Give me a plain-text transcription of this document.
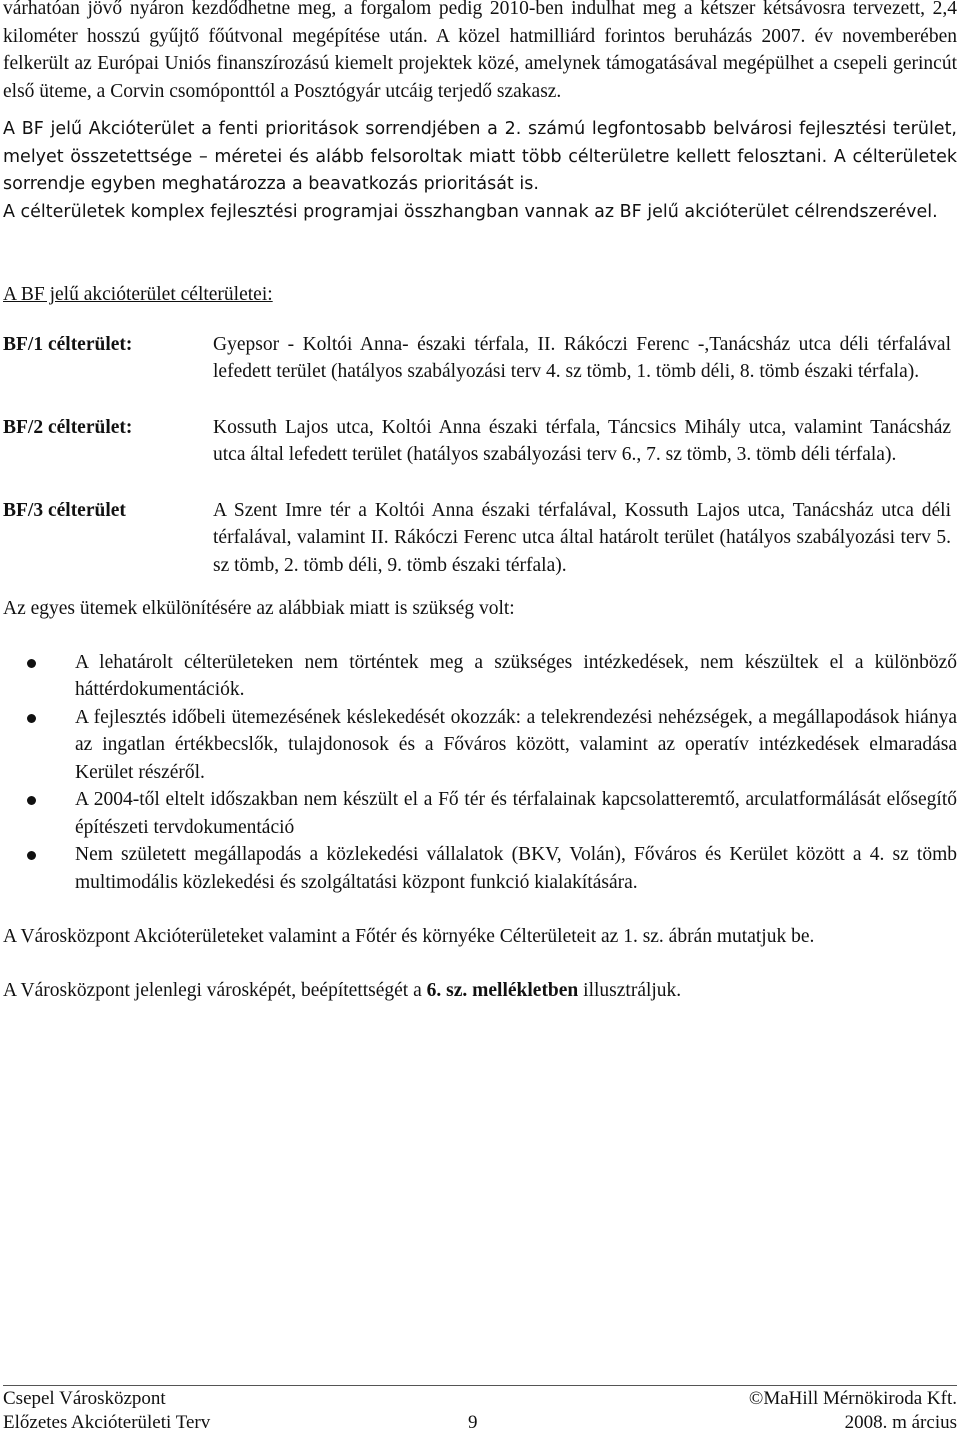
várhatóan jövő nyáron kezdődhetne meg, a forgalom pedig 2010-ben indulhat meg a kétszer kétsávosra tervezett, 2,4 kilométer hosszú gyűjtő főútvonal megépítése után. A közel hatmilliárd forintos beruházás 2007. év novemberében felkerült az Európai Uniós finanszírozású kiemelt projektek közé, amelynek támogatásával megépülhet a csepeli gerincút első üteme, a Corvin csomóponttól a Posztógyár utcáig terjedő szakasz.

A BF jelű Akcióterület a fenti prioritások sorrendjében a 2. számú legfontosabb belvárosi fejlesztési terület, melyet összetettsége – méretei és alább felsoroltak miatt több célterületre kellett felosztani. A célterületek sorrendje egyben meghatározza a beavatkozás prioritását is.

A célterületek komplex fejlesztési programjai összhangban vannak az BF jelű akcióterület célrendszerével.

A BF jelű akcióterület célterületei:

BF/1 célterület:	Gyepsor - Koltói Anna- északi térfala, II. Rákóczi Ferenc -,Tanácsház utca déli térfalával lefedett terület (hatályos szabályozási terv 4. sz tömb, 1. tömb déli, 8. tömb északi térfala).
BF/2 célterület:	Kossuth Lajos utca, Koltói Anna északi térfala, Táncsics Mihály utca, valamint Tanácsház utca által lefedett terület (hatályos szabályozási terv 6., 7. sz tömb, 3. tömb déli térfala).
BF/3 célterület	A Szent Imre tér a Koltói Anna északi térfalával, Kossuth Lajos utca, Tanácsház utca déli térfalával, valamint II. Rákóczi Ferenc utca által határolt terület (hatályos szabályozási terv 5. sz tömb, 2. tömb déli, 9. tömb északi térfala).

Az egyes ütemek elkülönítésére az alábbiak miatt is szükség volt:

A lehatárolt célterületeken nem történtek meg a szükséges intézkedések, nem készültek el a különböző háttérdokumentációk.
A fejlesztés időbeli ütemezésének késlekedését okozzák: a telekrendezési nehézségek, a megállapodások hiánya az ingatlan értékbecslők, tulajdonosok és a Főváros között, valamint az operatív intézkedések elmaradása Kerület részéről.
A 2004-től eltelt időszakban nem készült el a Fő tér és térfalainak kapcsolatteremtő, arculatformálását elősegítő építészeti tervdokumentáció
Nem született megállapodás a közlekedési vállalatok (BKV, Volán), Főváros és Kerület között a 4. sz tömb multimodális közlekedési és szolgáltatási központ funkció kialakítására.

A Városközpont Akcióterületeket valamint a Főtér és környéke Célterületeit az 1. sz. ábrán mutatjuk be.

A Városközpont jelenlegi városképét, beépítettségét a 6. sz. mellékletben illusztráljuk.

Csepel Városközpont	©MaHill Mérnökiroda Kft.
Előzetes Akcióterületi Terv	9	2008. m árcius
